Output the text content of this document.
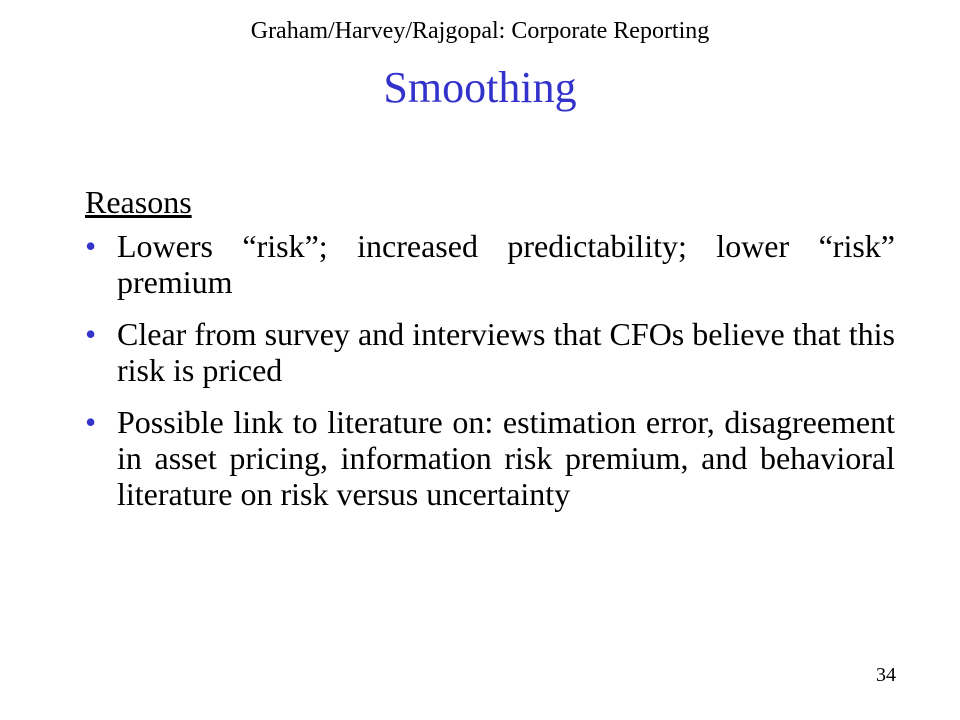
Graham/Harvey/Rajgopal: Corporate Reporting
Smoothing
Reasons
• Lowers “risk”; increased predictability; lower “risk” premium
• Clear from survey and interviews that CFOs believe that this risk is priced
• Possible link to literature on: estimation error, disagreement in asset pricing, information risk premium, and behavioral literature on risk versus uncertainty
34
